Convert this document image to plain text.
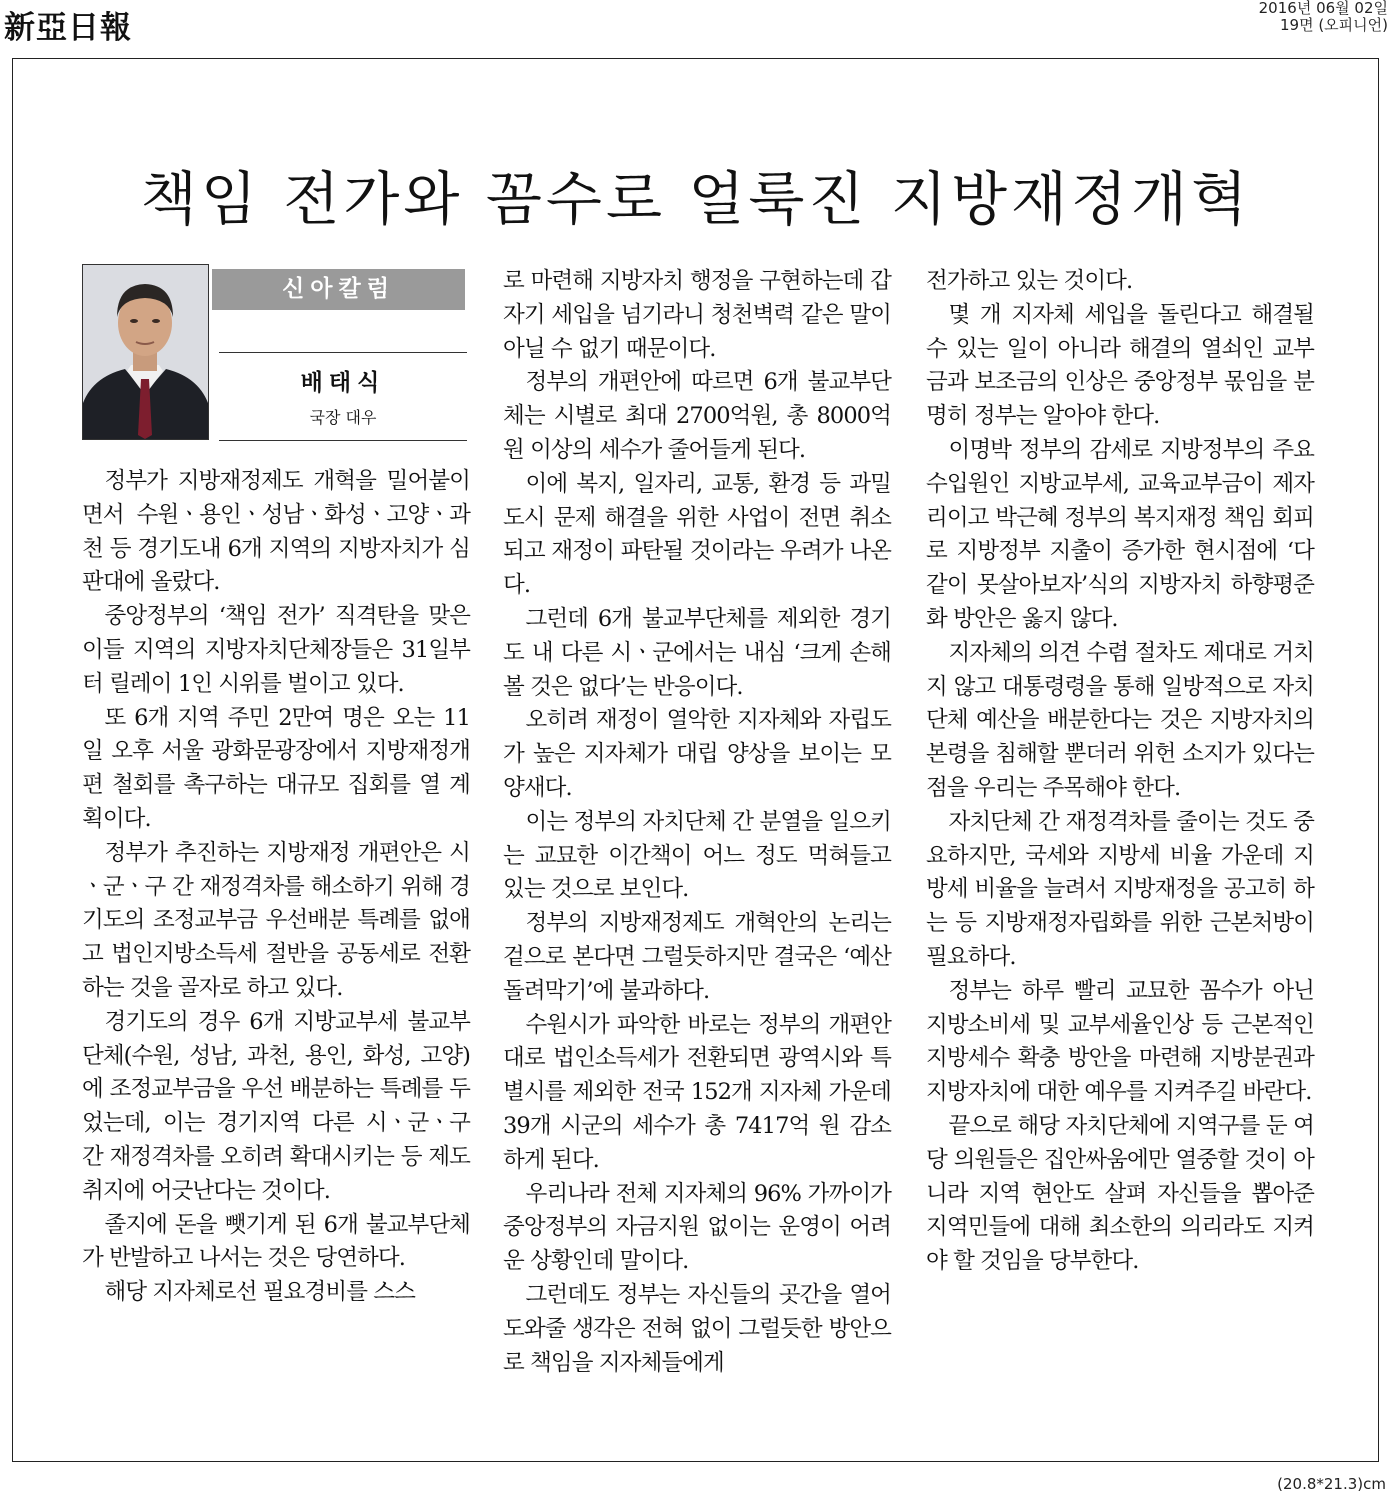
新亞日報
2016년 06월 02일
19면 (오피니언)
책임 전가와 꼼수로 얼룩진 지방재정개혁
신아칼럼
배태식
국장 대우

정부가 지방재정제도 개혁을 밀어붙이면서 수원ㆍ용인ㆍ성남ㆍ화성ㆍ고양ㆍ과천 등 경기도내 6개 지역의 지방자치가 심판대에 올랐다.

중앙정부의 ‘책임 전가’ 직격탄을 맞은 이들 지역의 지방자치단체장들은 31일부터 릴레이 1인 시위를 벌이고 있다.

또 6개 지역 주민 2만여 명은 오는 11일 오후 서울 광화문광장에서 지방재정개편 철회를 촉구하는 대규모 집회를 열 계획이다.

정부가 추진하는 지방재정 개편안은 시ㆍ군ㆍ구 간 재정격차를 해소하기 위해 경기도의 조정교부금 우선배분 특례를 없애고 법인지방소득세 절반을 공동세로 전환하는 것을 골자로 하고 있다.

경기도의 경우 6개 지방교부세 불교부단체(수원, 성남, 과천, 용인, 화성, 고양)에 조정교부금을 우선 배분하는 특례를 두었는데, 이는 경기지역 다른 시ㆍ군ㆍ구 간 재정격차를 오히려 확대시키는 등 제도 취지에 어긋난다는 것이다.

졸지에 돈을 뺏기게 된 6개 불교부단체가 반발하고 나서는 것은 당연하다.

해당 지자체로선 필요경비를 스스

로 마련해 지방자치 행정을 구현하는데 갑자기 세입을 넘기라니 청천벽력 같은 말이 아닐 수 없기 때문이다.

정부의 개편안에 따르면 6개 불교부단체는 시별로 최대 2700억원, 총 8000억원 이상의 세수가 줄어들게 된다.

이에 복지, 일자리, 교통, 환경 등 과밀도시 문제 해결을 위한 사업이 전면 취소되고 재정이 파탄될 것이라는 우려가 나온다.

그런데 6개 불교부단체를 제외한 경기도 내 다른 시ㆍ군에서는 내심 ‘크게 손해 볼 것은 없다’는 반응이다.

오히려 재정이 열악한 지자체와 자립도가 높은 지자체가 대립 양상을 보이는 모양새다.

이는 정부의 자치단체 간 분열을 일으키는 교묘한 이간책이 어느 정도 먹혀들고 있는 것으로 보인다.

정부의 지방재정제도 개혁안의 논리는 겉으로 본다면 그럴듯하지만 결국은 ‘예산 돌려막기’에 불과하다.

수원시가 파악한 바로는 정부의 개편안대로 법인소득세가 전환되면 광역시와 특별시를 제외한 전국 152개 지자체 가운데 39개 시군의 세수가 총 7417억 원 감소하게 된다.

우리나라 전체 지자체의 96% 가까이가 중앙정부의 자금지원 없이는 운영이 어려운 상황인데 말이다.

그런데도 정부는 자신들의 곳간을 열어 도와줄 생각은 전혀 없이 그럴듯한 방안으로 책임을 지자체들에게

전가하고 있는 것이다.

몇 개 지자체 세입을 돌린다고 해결될 수 있는 일이 아니라 해결의 열쇠인 교부금과 보조금의 인상은 중앙정부 몫임을 분명히 정부는 알아야 한다.

이명박 정부의 감세로 지방정부의 주요 수입원인 지방교부세, 교육교부금이 제자리이고 박근혜 정부의 복지재정 책임 회피로 지방정부 지출이 증가한 현시점에 ‘다 같이 못살아보자’식의 지방자치 하향평준화 방안은 옳지 않다.

지자체의 의견 수렴 절차도 제대로 거치지 않고 대통령령을 통해 일방적으로 자치단체 예산을 배분한다는 것은 지방자치의 본령을 침해할 뿐더러 위헌 소지가 있다는 점을 우리는 주목해야 한다.

자치단체 간 재정격차를 줄이는 것도 중요하지만, 국세와 지방세 비율 가운데 지방세 비율을 늘려서 지방재정을 공고히 하는 등 지방재정자립화를 위한 근본처방이 필요하다.

정부는 하루 빨리 교묘한 꼼수가 아닌 지방소비세 및 교부세율인상 등 근본적인 지방세수 확충 방안을 마련해 지방분권과 지방자치에 대한 예우를 지켜주길 바란다.

끝으로 해당 자치단체에 지역구를 둔 여당 의원들은 집안싸움에만 열중할 것이 아니라 지역 현안도 살펴 자신들을 뽑아준 지역민들에 대해 최소한의 의리라도 지켜야 할 것임을 당부한다.

(20.8*21.3)cm
